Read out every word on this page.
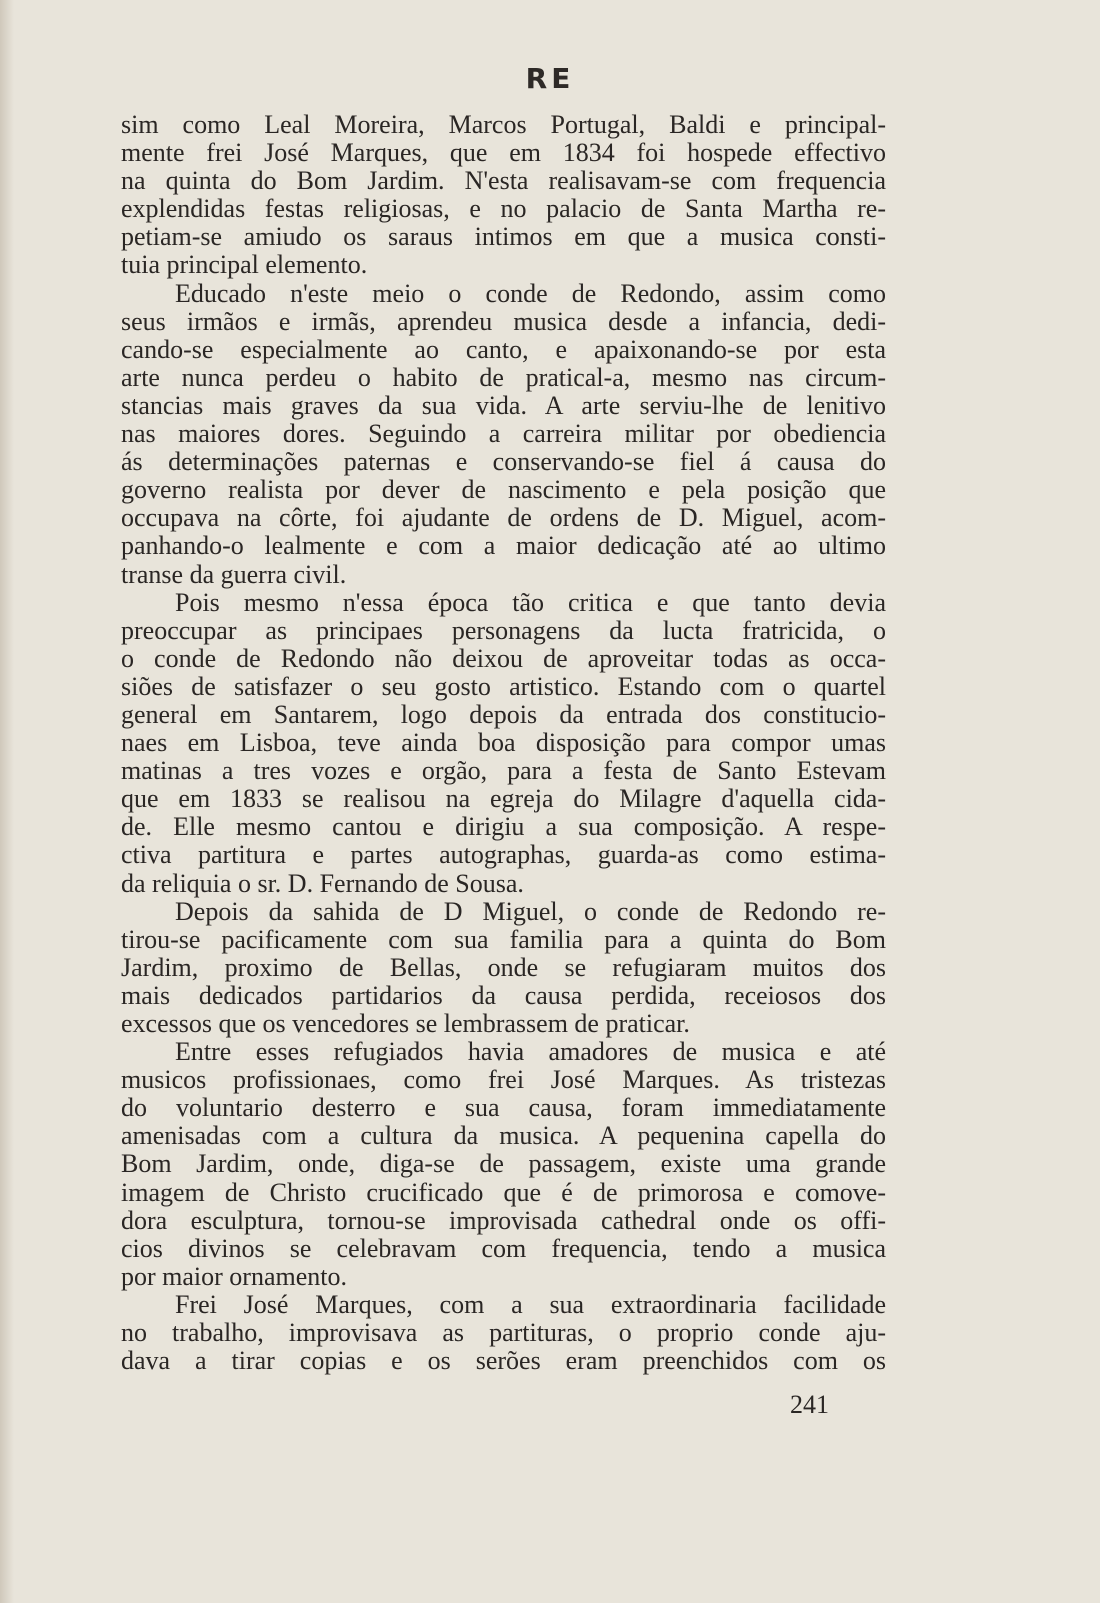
RE
sim como Leal Moreira, Marcos Portugal, Baldi e principal-
mente frei José Marques, que em 1834 foi hospede effectivo
na quinta do Bom Jardim. N'esta realisavam-se com frequencia
explendidas festas religiosas, e no palacio de Santa Martha re-
petiam-se amiudo os saraus intimos em que a musica consti-
tuia principal elemento.
Educado n'este meio o conde de Redondo, assim como
seus irmãos e irmãs, aprendeu musica desde a infancia, dedi-
cando-se especialmente ao canto, e apaixonando-se por esta
arte nunca perdeu o habito de pratical-a, mesmo nas circum-
stancias mais graves da sua vida. A arte serviu-lhe de lenitivo
nas maiores dores. Seguindo a carreira militar por obediencia
ás determinações paternas e conservando-se fiel á causa do
governo realista por dever de nascimento e pela posição que
occupava na côrte, foi ajudante de ordens de D. Miguel, acom-
panhando-o lealmente e com a maior dedicação até ao ultimo
transe da guerra civil.
Pois mesmo n'essa época tão critica e que tanto devia
preoccupar as principaes personagens da lucta fratricida, o
o conde de Redondo não deixou de aproveitar todas as occa-
siões de satisfazer o seu gosto artistico. Estando com o quartel
general em Santarem, logo depois da entrada dos constitucio-
naes em Lisboa, teve ainda boa disposição para compor umas
matinas a tres vozes e orgão, para a festa de Santo Estevam
que em 1833 se realisou na egreja do Milagre d'aquella cida-
de. Elle mesmo cantou e dirigiu a sua composição. A respe-
ctiva partitura e partes autographas, guarda-as como estima-
da reliquia o sr. D. Fernando de Sousa.
Depois da sahida de D Miguel, o conde de Redondo re-
tirou-se pacificamente com sua familia para a quinta do Bom
Jardim, proximo de Bellas, onde se refugiaram muitos dos
mais dedicados partidarios da causa perdida, receiosos dos
excessos que os vencedores se lembrassem de praticar.
Entre esses refugiados havia amadores de musica e até
musicos profissionaes, como frei José Marques. As tristezas
do voluntario desterro e sua causa, foram immediatamente
amenisadas com a cultura da musica. A pequenina capella do
Bom Jardim, onde, diga-se de passagem, existe uma grande
imagem de Christo crucificado que é de primorosa e comove-
dora esculptura, tornou-se improvisada cathedral onde os offi-
cios divinos se celebravam com frequencia, tendo a musica
por maior ornamento.
Frei José Marques, com a sua extraordinaria facilidade
no trabalho, improvisava as partituras, o proprio conde aju-
dava a tirar copias e os serões eram preenchidos com os
241
